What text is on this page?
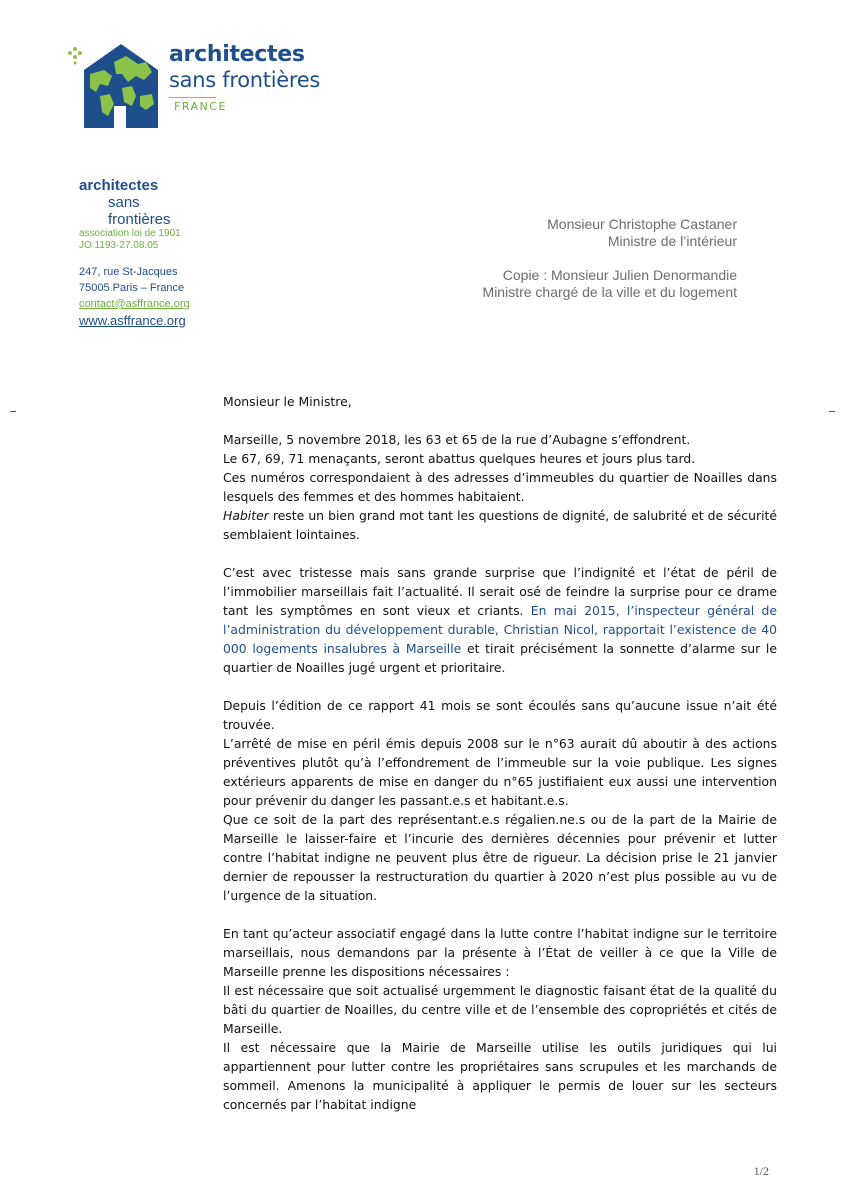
architectes
sans frontières
FRANCE
architectes
sans
frontières
association loi de 1901
JO 1193-27.08.05
247, rue St-Jacques
75005 Paris – France
contact@asffrance.org
www.asffrance.org
Monsieur Christophe Castaner
Ministre de l’intérieur
Copie : Monsieur Julien Denormandie
Ministre chargé de la ville et du logement

Monsieur le Ministre,

Marseille, 5 novembre 2018, les 63 et 65 de la rue d’Aubagne s’effondrent.

Le 67, 69, 71 menaçants, seront abattus quelques heures et jours plus tard.

Ces numéros correspondaient à des adresses d’immeubles du quartier de Noailles dans lesquels des femmes et des hommes habitaient.

Habiter reste un bien grand mot tant les questions de dignité, de salubrité et de sécurité semblaient lointaines.

C’est avec tristesse mais sans grande surprise que l’indignité et l’état de péril de l’immobilier marseillais fait l’actualité. Il serait osé de feindre la surprise pour ce drame tant les symptômes en sont vieux et criants. En mai 2015, l’inspecteur général de l’administration du développement durable, Christian Nicol, rapportait l’existence de 40 000 logements insalubres à Marseille et tirait précisément la sonnette d’alarme sur le quartier de Noailles jugé urgent et prioritaire.

Depuis l’édition de ce rapport 41 mois se sont écoulés sans qu’aucune issue n’ait été trouvée.

L’arrêté de mise en péril émis depuis 2008 sur le n°63 aurait dû aboutir à des actions préventives plutôt qu’à l’effondrement de l’immeuble sur la voie publique. Les signes extérieurs apparents de mise en danger du n°65 justifiaient eux aussi une intervention pour prévenir du danger les passant.e.s et habitant.e.s.

Que ce soit de la part des représentant.e.s régalien.ne.s ou de la part de la Mairie de Marseille le laisser-faire et l’incurie des dernières décennies pour prévenir et lutter contre l’habitat indigne ne peuvent plus être de rigueur. La décision prise le 21 janvier dernier de repousser la restructuration du quartier à 2020 n’est plus possible au vu de l’urgence de la situation.

En tant qu’acteur associatif engagé dans la lutte contre l’habitat indigne sur le territoire marseillais, nous demandons par la présente à l’État de veiller à ce que la Ville de Marseille prenne les dispositions nécessaires :

Il est nécessaire que soit actualisé urgemment le diagnostic faisant état de la qualité du bâti du quartier de Noailles, du centre ville et de l’ensemble des copropriétés et cités de Marseille.

Il est nécessaire que la Mairie de Marseille utilise les outils juridiques qui lui appartiennent pour lutter contre les propriétaires sans scrupules et les marchands de sommeil. Amenons la municipalité à appliquer le permis de louer sur les secteurs concernés par l’habitat indigne

1/2
